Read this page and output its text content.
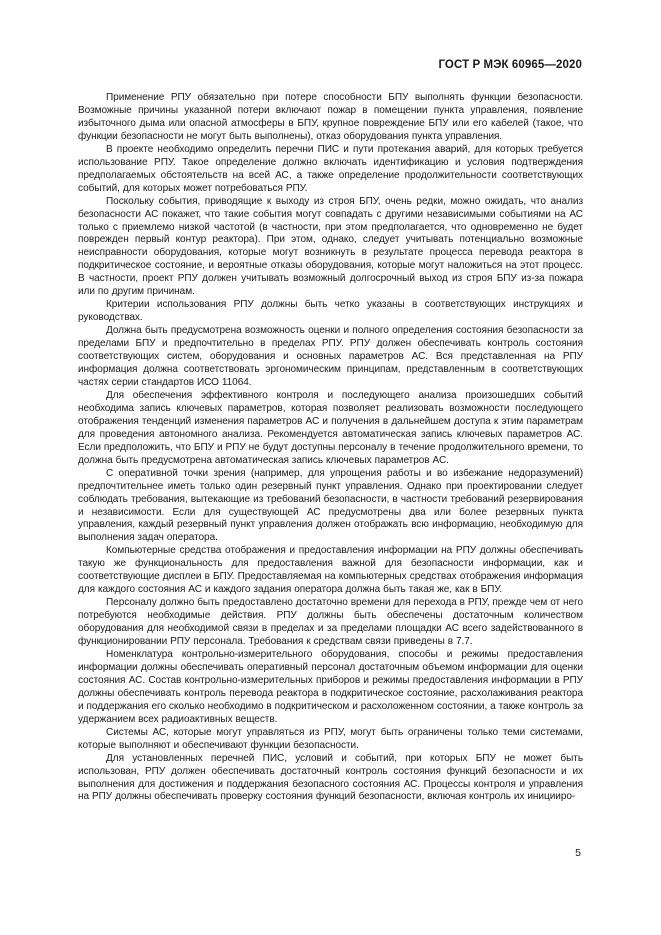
ГОСТ Р МЭК 60965—2020

Применение РПУ обязательно при потере способности БПУ выполнять функции безопасности. Возможные причины указанной потери включают пожар в помещении пункта управления, появление избыточного дыма или опасной атмосферы в БПУ, крупное повреждение БПУ или его кабелей (такое, что функции безопасности не могут быть выполнены), отказ оборудования пункта управления.

В проекте необходимо определить перечни ПИС и пути протекания аварий, для которых требуется использование РПУ. Такое определение должно включать идентификацию и условия подтверждения предполагаемых обстоятельств на всей АС, а также определение продолжительности соответствующих событий, для которых может потребоваться РПУ.

Поскольку события, приводящие к выходу из строя БПУ, очень редки, можно ожидать, что анализ безопасности АС покажет, что такие события могут совпадать с другими независимыми событиями на АС только с приемлемо низкой частотой (в частности, при этом предполагается, что одновременно не будет поврежден первый контур реактора). При этом, однако, следует учитывать потенциально возможные неисправности оборудования, которые могут возникнуть в результате процесса перевода реактора в подкритическое состояние, и вероятные отказы оборудования, которые могут наложиться на этот процесс. В частности, проект РПУ должен учитывать возможный долгосрочный выход из строя БПУ из-за пожара или по другим причинам.

Критерии использования РПУ должны быть четко указаны в соответствующих инструкциях и руководствах.

Должна быть предусмотрена возможность оценки и полного определения состояния безопасности за пределами БПУ и предпочтительно в пределах РПУ. РПУ должен обеспечивать контроль состояния соответствующих систем, оборудования и основных параметров АС. Вся представленная на РПУ информация должна соответствовать эргономическим принципам, представленным в соответствующих частях серии стандартов ИСО 11064.

Для обеспечения эффективного контроля и последующего анализа произошедших событий необходима запись ключевых параметров, которая позволяет реализовать возможности последующего отображения тенденций изменения параметров АС и получения в дальнейшем доступа к этим параметрам для проведения автономного анализа. Рекомендуется автоматическая запись ключевых параметров АС. Если предположить, что БПУ и РПУ не будут доступны персоналу в течение продолжительного времени, то должна быть предусмотрена автоматическая запись ключевых параметров АС.

С оперативной точки зрения (например, для упрощения работы и во избежание недоразумений) предпочтительнее иметь только один резервный пункт управления. Однако при проектировании следует соблюдать требования, вытекающие из требований безопасности, в частности требований резервирования и независимости. Если для существующей АС предусмотрены два или более резервных пункта управления, каждый резервный пункт управления должен отображать всю информацию, необходимую для выполнения задач оператора.

Компьютерные средства отображения и предоставления информации на РПУ должны обеспечивать такую же функциональность для предоставления важной для безопасности информации, как и соответствующие дисплеи в БПУ. Предоставляемая на компьютерных средствах отображения информация для каждого состояния АС и каждого задания оператора должна быть такая же, как в БПУ.

Персоналу должно быть предоставлено достаточно времени для перехода в РПУ, прежде чем от него потребуются необходимые действия. РПУ должны быть обеспечены достаточным количеством оборудования для необходимой связи в пределах и за пределами площадки АС всего задействованного в функционировании РПУ персонала. Требования к средствам связи приведены в 7.7.

Номенклатура контрольно-измерительного оборудования, способы и режимы предоставления информации должны обеспечивать оперативный персонал достаточным объемом информации для оценки состояния АС. Состав контрольно-измерительных приборов и режимы предоставления информации в РПУ должны обеспечивать контроль перевода реактора в подкритическое состояние, расхолаживания реактора и поддержания его сколько необходимо в подкритическом и расхоложенном состоянии, а также контроль за удержанием всех радиоактивных веществ.

Системы АС, которые могут управляться из РПУ, могут быть ограничены только теми системами, которые выполняют и обеспечивают функции безопасности.

Для установленных перечней ПИС, условий и событий, при которых БПУ не может быть использован, РПУ должен обеспечивать достаточный контроль состояния функций безопасности и их выполнения для достижения и поддержания безопасного состояния АС. Процессы контроля и управления на РПУ должны обеспечивать проверку состояния функций безопасности, включая контроль их иницииро-

5
